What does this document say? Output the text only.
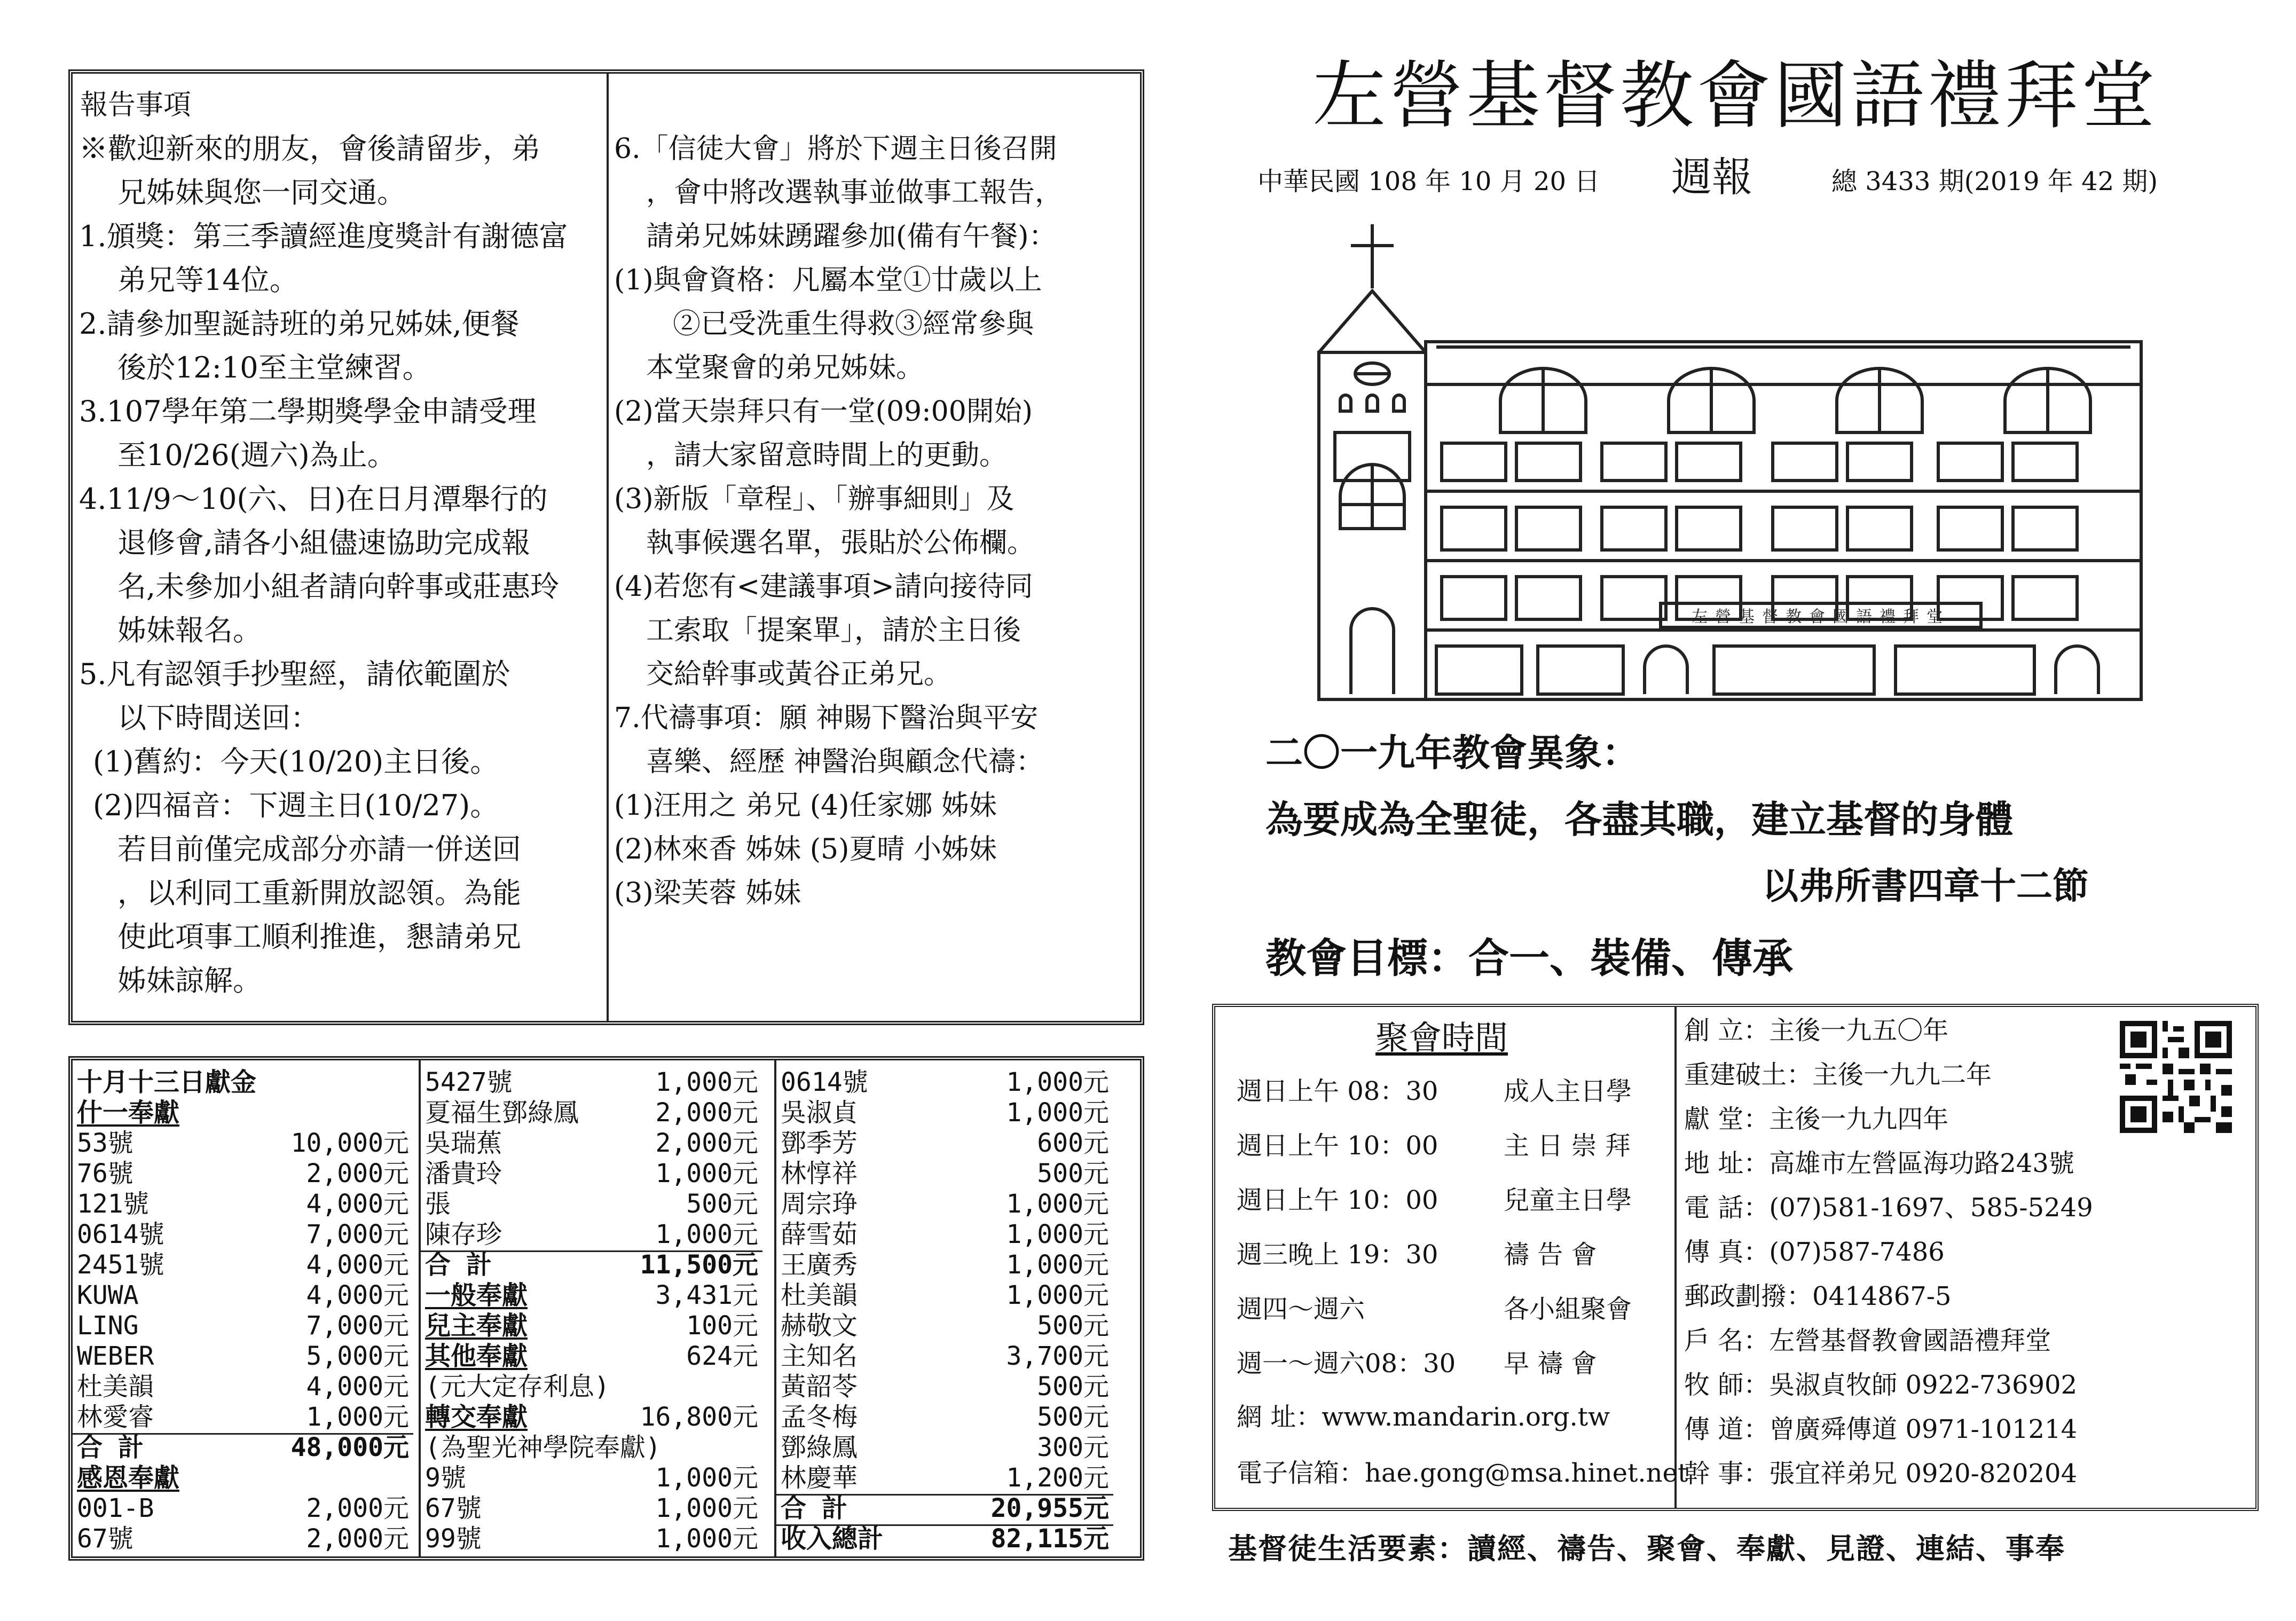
報告事項
※歡迎新來的朋友，會後請留步，弟
兄姊妹與您一同交通。
1.頒獎：第三季讀經進度獎計有謝德富
弟兄等14位。
2.請參加聖誕詩班的弟兄姊妹,便餐
後於12:10至主堂練習。
3.107學年第二學期獎學金申請受理
至10/26(週六)為止。
4.11/9～10(六、日)在日月潭舉行的
退修會,請各小組儘速協助完成報
名,未參加小組者請向幹事或莊惠玲
姊妹報名。
5.凡有認領手抄聖經，請依範圍於
以下時間送回：
(1)舊約：今天(10/20)主日後。
(2)四福音：下週主日(10/27)。
若目前僅完成部分亦請一併送回
，以利同工重新開放認領。為能
使此項事工順利推進，懇請弟兄
姊妹諒解。
6.「信徒大會」將於下週主日後召開
，會中將改選執事並做事工報告，
請弟兄姊妹踴躍參加(備有午餐)：
(1)與會資格：凡屬本堂①廿歲以上
②已受洗重生得救③經常參與
本堂聚會的弟兄姊妹。
(2)當天崇拜只有一堂(09:00開始)
，請大家留意時間上的更動。
(3)新版「章程」、「辦事細則」及
執事候選名單，張貼於公佈欄。
(4)若您有<建議事項>請向接待同
工索取「提案單」，請於主日後
交給幹事或黃谷正弟兄。
7.代禱事項：願 神賜下醫治與平安
喜樂、經歷 神醫治與顧念代禱：
(1)汪用之 弟兄 (4)任家娜 姊妹
(2)林來香 姊妹 (5)夏晴 小姊妹
(3)梁芙蓉 姊妹
十月十三日獻金
什一奉獻
53號	10,000元
76號	2,000元
121號	4,000元
0614號	7,000元
2451號	4,000元
KUWA	4,000元
LING	7,000元
WEBER	5,000元
杜美韻	4,000元
林愛睿	1,000元
合 計	48,000元
感恩奉獻
001-B	2,000元
67號	2,000元
5427號	1,000元
夏福生鄧綠鳳	2,000元
吳瑞蕉	2,000元
潘貴玲	1,000元
張	500元
陳存珍	1,000元
合 計	11,500元
一般奉獻	3,431元
兒主奉獻	100元
其他奉獻	624元
(元大定存利息)
轉交奉獻	16,800元
(為聖光神學院奉獻)
9號	1,000元
67號	1,000元
99號	1,000元
0614號	1,000元
吳淑貞	1,000元
鄧季芳	600元
林惇祥	500元
周宗琤	1,000元
薛雪茹	1,000元
王廣秀	1,000元
杜美韻	1,000元
赫敬文	500元
主知名	3,700元
黃韶苓	500元
孟冬梅	500元
鄧綠鳳	300元
林慶華	1,200元
合 計	20,955元
收入總計	82,115元
左營基督教會國語禮拜堂
中華民國 108 年 10 月 20 日 週報	總 3433 期(2019 年 42 期)
左營基督教會國語禮拜堂
二〇一九年教會異象：
為要成為全聖徒，各盡其職，建立基督的身體
以弗所書四章十二節
教會目標：合一、裝備、傳承
聚會時間
週日上午 08：30	成人主日學
週日上午 10：00	主 日 崇 拜
週日上午 10：00	兒童主日學
週三晚上 19：30	禱 告 會
週四～週六	各小組聚會
週一～週六08：30 早 禱 會
網 址：www.mandarin.org.tw
電子信箱：hae.gong@msa.hinet.net
創 立：主後一九五〇年
重建破土：主後一九九二年
獻 堂：主後一九九四年
地 址：高雄市左營區海功路243號
電 話：(07)581-1697、585-5249
傳 真：(07)587-7486
郵政劃撥：0414867-5
戶 名：左營基督教會國語禮拜堂
牧 師：吳淑貞牧師 0922-736902
傳 道：曾廣舜傳道 0971-101214
幹 事：張宜祥弟兄 0920-820204
基督徒生活要素：讀經、禱告、聚會、奉獻、見證、連結、事奉
